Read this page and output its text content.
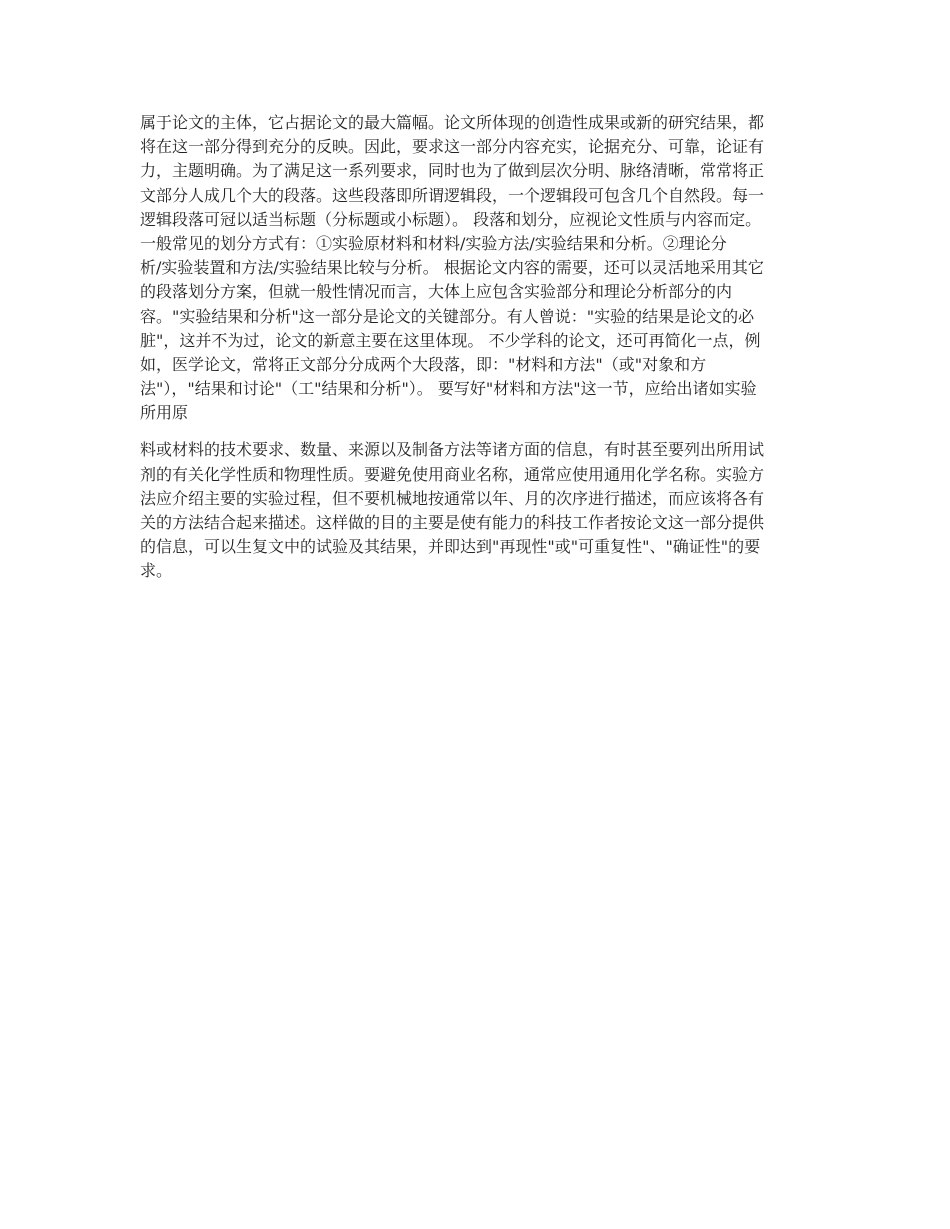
属于论文的主体，它占据论文的最大篇幅。论文所体现的创造性成果或新的研究结果，都
将在这一部分得到充分的反映。因此，要求这一部分内容充实，论据充分、可靠，论证有
力，主题明确。为了满足这一系列要求，同时也为了做到层次分明、脉络清晰，常常将正
文部分人成几个大的段落。这些段落即所谓逻辑段，一个逻辑段可包含几个自然段。每一
逻辑段落可冠以适当标题（分标题或小标题）。 段落和划分，应视论文性质与内容而定。
一般常见的划分方式有：①实验原材料和材料/实验方法/实验结果和分析。②理论分
析/实验装置和方法/实验结果比较与分析。 根据论文内容的需要，还可以灵活地采用其它
的段落划分方案，但就一般性情况而言，大体上应包含实验部分和理论分析部分的内
容。"实验结果和分析"这一部分是论文的关键部分。有人曾说："实验的结果是论文的必
脏"，这并不为过，论文的新意主要在这里体现。 不少学科的论文，还可再简化一点，例
如，医学论文，常将正文部分分成两个大段落，即："材料和方法"（或"对象和方
法"），"结果和讨论"（工"结果和分析"）。 要写好"材料和方法"这一节，应给出诸如实验
所用原

料或材料的技术要求、数量、来源以及制备方法等诸方面的信息，有时甚至要列出所用试
剂的有关化学性质和物理性质。要避免使用商业名称，通常应使用通用化学名称。实验方
法应介绍主要的实验过程，但不要机械地按通常以年、月的次序进行描述，而应该将各有
关的方法结合起来描述。这样做的目的主要是使有能力的科技工作者按论文这一部分提供
的信息，可以生复文中的试验及其结果，并即达到"再现性"或"可重复性"、"确证性"的要
求。
